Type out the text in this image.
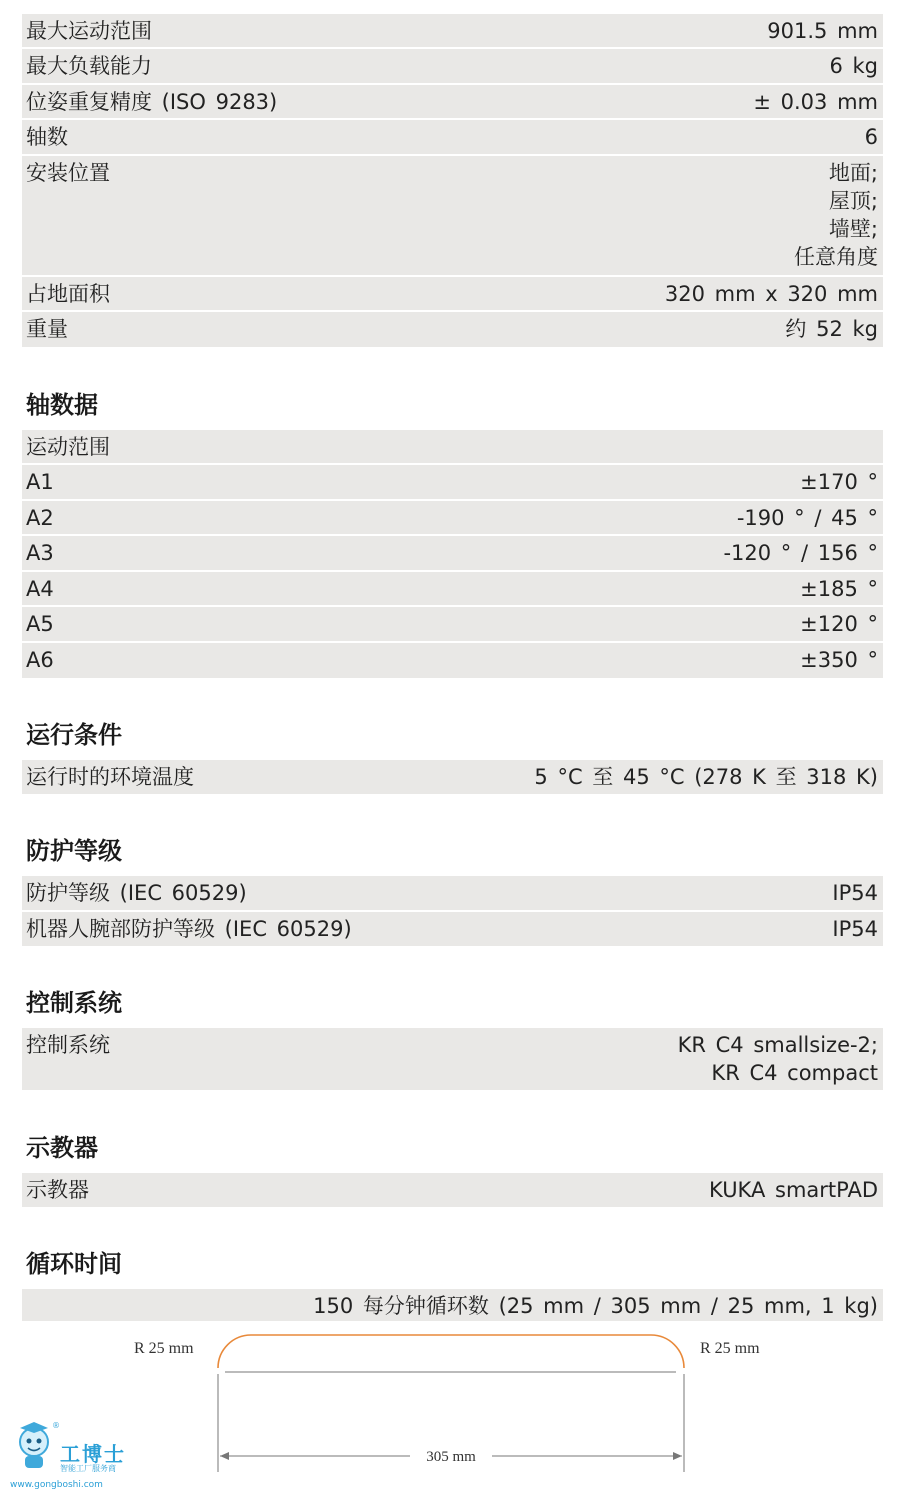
最大运动范围	901.5 mm
最大负载能力	6 kg
位姿重复精度 (ISO 9283)	± 0.03 mm
轴数	6
安装位置	地面;
屋顶;
墙壁;
任意角度
占地面积	320 mm x 320 mm
重量	约 52 kg
轴数据
运动范围
A1	±170 °
A2	-190 ° / 45 °
A3	-120 ° / 156 °
A4	±185 °
A5	±120 °
A6	±350 °
运行条件
运行时的环境温度	5 °C 至 45 °C (278 K 至 318 K)
防护等级
防护等级 (IEC 60529)	IP54
机器人腕部防护等级 (IEC 60529)	IP54
控制系统
控制系统	KR C4 smallsize-2;
KR C4 compact
示教器
示教器	KUKA smartPAD
循环时间
150 每分钟循环数 (25 mm / 305 mm / 25 mm, 1 kg)
R 25 mm	R 25 mm
305 mm
®
工博士
智能工厂服务商
www.gongboshi.com
